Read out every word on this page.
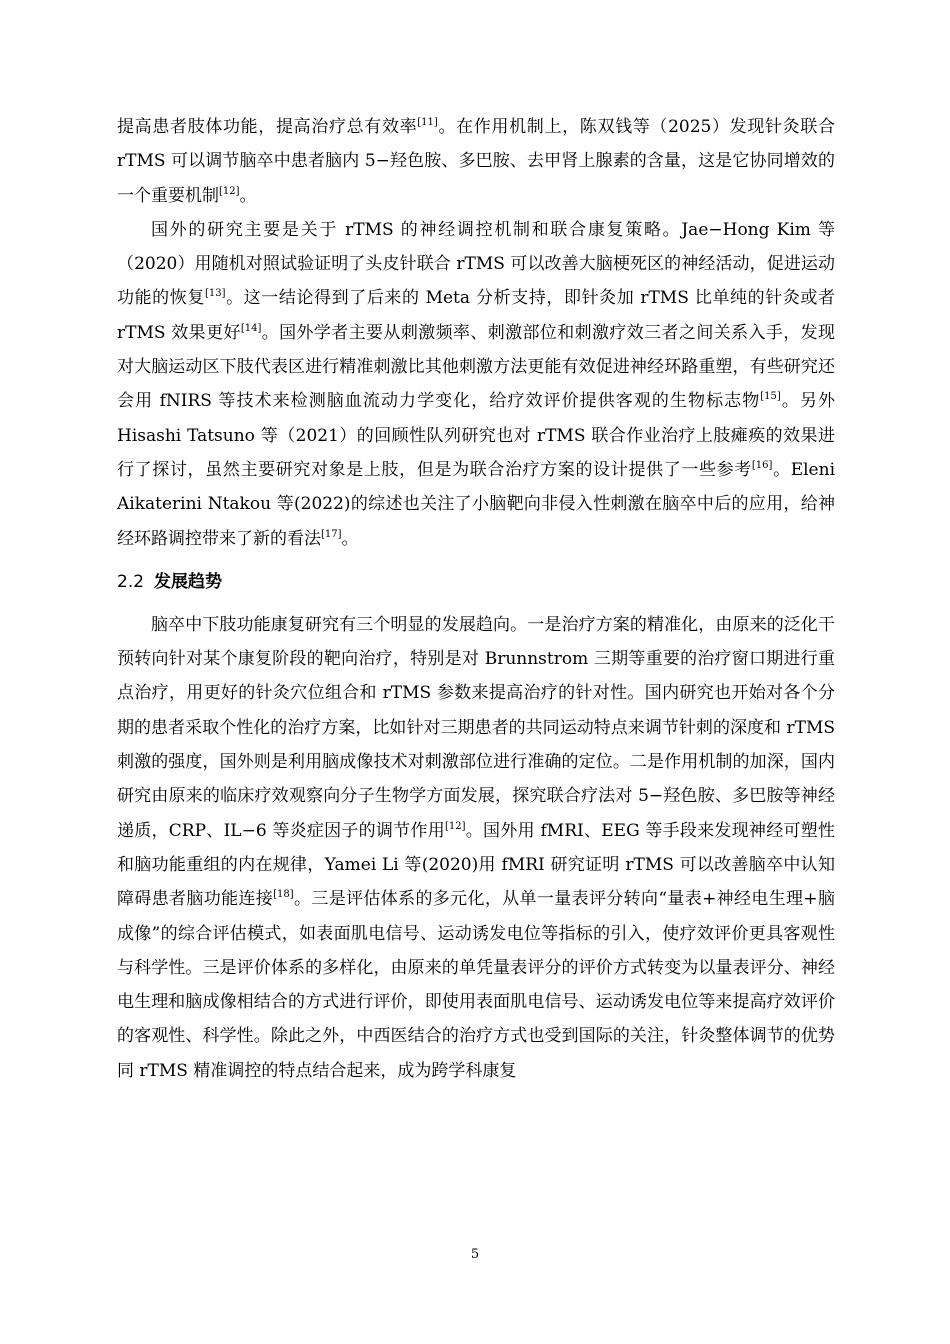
提高患者肢体功能，提高治疗总有效率[11]。在作用机制上，陈双钱等（2025）发现针灸联合 rTMS 可以调节脑卒中患者脑内 5−羟色胺、多巴胺、去甲肾上腺素的含量，这是它协同增效的一个重要机制[12]。

国外的研究主要是关于 rTMS 的神经调控机制和联合康复策略。Jae−Hong Kim 等（2020）用随机对照试验证明了头皮针联合 rTMS 可以改善大脑梗死区的神经活动，促进运动功能的恢复[13]。这一结论得到了后来的 Meta 分析支持，即针灸加 rTMS 比单纯的针灸或者 rTMS 效果更好[14]。国外学者主要从刺激频率、刺激部位和刺激疗效三者之间关系入手，发现对大脑运动区下肢代表区进行精准刺激比其他刺激方法更能有效促进神经环路重塑，有些研究还会用 fNIRS 等技术来检测脑血流动力学变化，给疗效评价提供客观的生物标志物[15]。另外 Hisashi Tatsuno 等（2021）的回顾性队列研究也对 rTMS 联合作业治疗上肢瘫痪的效果进行了探讨，虽然主要研究对象是上肢，但是为联合治疗方案的设计提供了一些参考[16]。Eleni Aikaterini Ntakou 等(2022)的综述也关注了小脑靶向非侵入性刺激在脑卒中后的应用，给神经环路调控带来了新的看法[17]。

2.2 发展趋势

脑卒中下肢功能康复研究有三个明显的发展趋向。一是治疗方案的精准化，由原来的泛化干预转向针对某个康复阶段的靶向治疗，特别是对 Brunnstrom 三期等重要的治疗窗口期进行重点治疗，用更好的针灸穴位组合和 rTMS 参数来提高治疗的针对性。国内研究也开始对各个分期的患者采取个性化的治疗方案，比如针对三期患者的共同运动特点来调节针刺的深度和 rTMS 刺激的强度，国外则是利用脑成像技术对刺激部位进行准确的定位。二是作用机制的加深，国内研究由原来的临床疗效观察向分子生物学方面发展，探究联合疗法对 5−羟色胺、多巴胺等神经递质，CRP、IL−6 等炎症因子的调节作用[12]。国外用 fMRI、EEG 等手段来发现神经可塑性和脑功能重组的内在规律，Yamei Li 等(2020)用 fMRI 研究证明 rTMS 可以改善脑卒中认知障碍患者脑功能连接[18]。三是评估体系的多元化，从单一量表评分转向“量表+神经电生理+脑成像”的综合评估模式，如表面肌电信号、运动诱发电位等指标的引入，使疗效评价更具客观性与科学性。三是评价体系的多样化，由原来的单凭量表评分的评价方式转变为以量表评分、神经电生理和脑成像相结合的方式进行评价，即使用表面肌电信号、运动诱发电位等来提高疗效评价的客观性、科学性。除此之外，中西医结合的治疗方式也受到国际的关注，针灸整体调节的优势同 rTMS 精准调控的特点结合起来，成为跨学科康复

5
